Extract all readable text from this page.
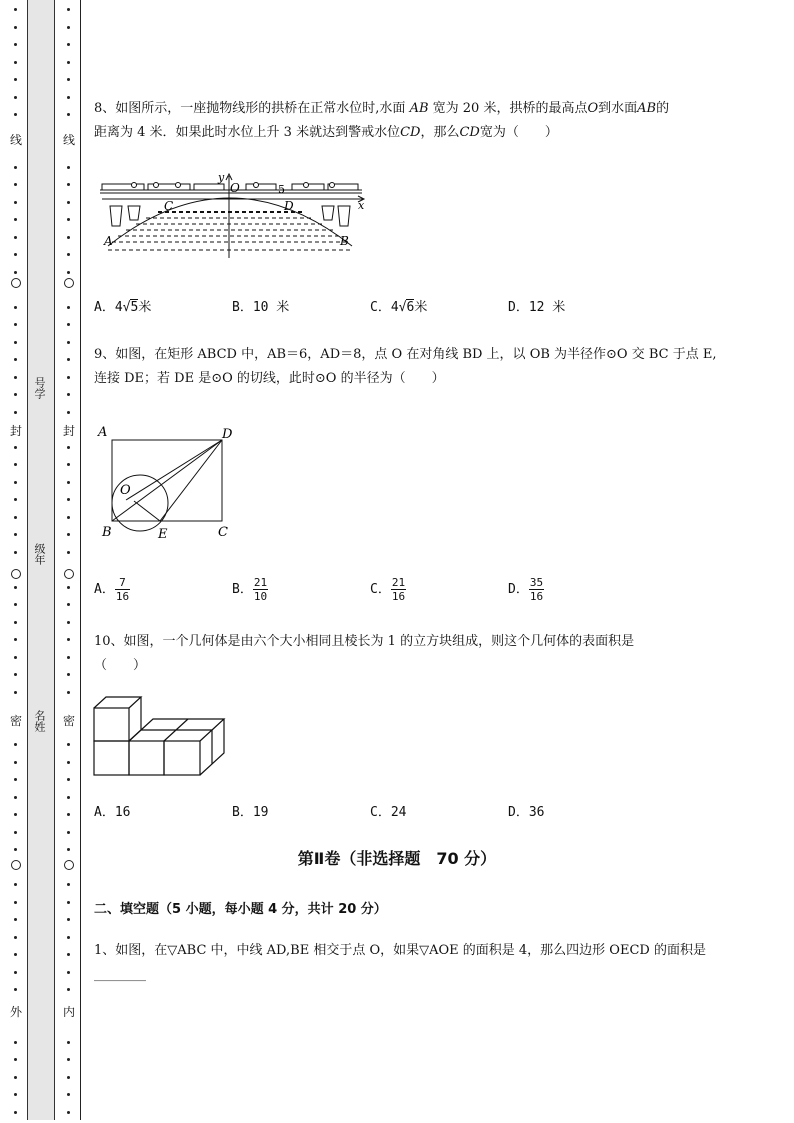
线
封
密
外
线
封
密
内
号学
级年
名姓
8、如图所示，一座抛物线形的拱桥在正常水位时,水面 AB 宽为 20 米，拱桥的最高点O到水面AB的
距离为 4 米．如果此时水位上升 3 米就达到警戒水位CD，那么CD宽为（　　）
y
O	5
x
C	D
A	B
A．4√5米	B．10 米	C．4√6米	D．12 米
9、如图，在矩形 ABCD 中，AB＝6，AD＝8，点 O 在对角线 BD 上，以 OB 为半径作⊙O 交 BC 于点 E,
连接 DE；若 DE 是⊙O 的切线，此时⊙O 的半径为（　　）
A	D
O
B	E	C
A． $\frac{7}{16}$	B． $\frac{21}{10}$	C． $\frac{21}{16}$	D． $\frac{35}{16}$
10、如图，一个几何体是由六个大小相同且棱长为 1 的立方块组成，则这个几何体的表面积是
（　　）
A．16	B．19	C．24	D．36
第Ⅱ卷（非选择题　70 分）
二、填空题（5 小题，每小题 4 分，共计 20 分）
1、如图，在▽ABC 中，中线 AD,BE 相交于点 O，如果▽AOE 的面积是 4，那么四边形 OECD 的面积是
________
